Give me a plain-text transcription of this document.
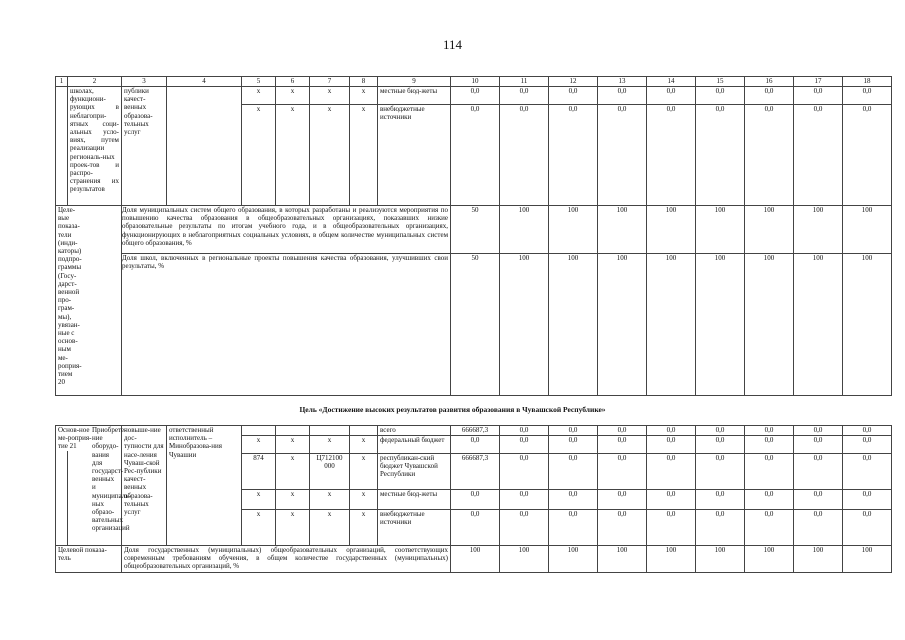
114
1	2	3	4	5	6	7	8	9	10	11	12	13	14	15	16	17	18
	школах, функциони-рующих в неблагопри-ятных соци-альных усло-виях, путем реализации региональ-ных проек-тов и распро-странения их результатов	публики качест-венных образова-тельных услуг		x	x	x	x	местные бюд-жеты	0,0	0,0	0,0	0,0	0,0	0,0	0,0	0,0	0,0
				x	x	x	x	внебюджетные источники	0,0	0,0	0,0	0,0	0,0	0,0	0,0	0,0	0,0

Целе-вые показа-тели (инди-каторы) подпро-граммы (Госу-дарст-венной про-грам-мы), увязан-ные с основ-ным ме-роприя-тием 20		Доля муниципальных систем общего образования, в которых разработаны и реализуются мероприятия по повышению качества образования в общеобразовательных организациях, показавших низкие образовательные результаты по итогам учебного года, и в общеобразовательных организациях, функционирующих в неблагоприятных социальных условиях, в общем количестве муниципальных систем общего образования, %							50	100	100	100	100	100	100	100	100
		Доля школ, включенных в региональные проекты повышения качества образования, улучшивших свои результаты, %							50	100	100	100	100	100	100	100	100
Цель «Достижение высоких результатов развития образования в Чувашской Республике»
Основ-ное ме-роприя-тие 21	Приобрете-ние оборудо-вания для государст-венных и муниципаль-ных образо-вательных организаций	повыше-ние дос-тупности для насе-ления Чуваш-ской Рес-публики качест-венных образова-тельных услуг	ответственный исполнитель – Минобразова-ния Чувашии					всего	666687,3	0,0	0,0	0,0	0,0	0,0	0,0	0,0	0,0
				x	x	x	x	федеральный бюджет	0,0	0,0	0,0	0,0	0,0	0,0	0,0	0,0	0,0
				874	x	Ц712100 000	x	республикан-ский бюджет Чувашской Республики	666687,3	0,0	0,0	0,0	0,0	0,0	0,0	0,0	0,0
				x	x	x	x	местные бюд-жеты	0,0	0,0	0,0	0,0	0,0	0,0	0,0	0,0	0,0
				x	x	x	x	внебюджетные источники	0,0	0,0	0,0	0,0	0,0	0,0	0,0	0,0	0,0
Целевой показа-тель		Доля государственных (муниципальных) общеобразовательных организаций, соответствующих современным требованиям обучения, в общем количестве государственных (муниципальных) общеобразовательных организаций, %							100	100	100	100	100	100	100	100	100
